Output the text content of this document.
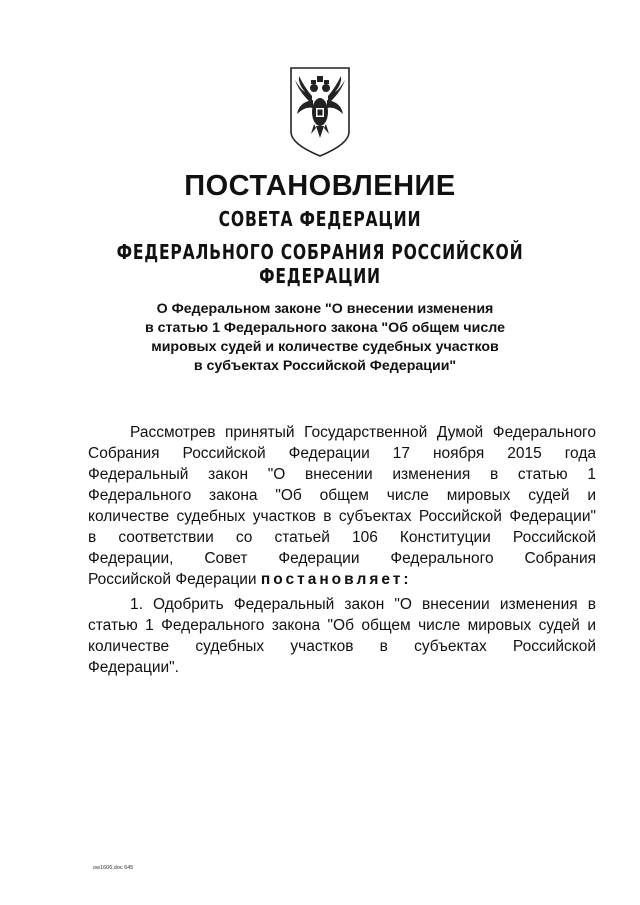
ПОСТАНОВЛЕНИЕ
СОВЕТА ФЕДЕРАЦИИ
ФЕДЕРАЛЬНОГО СОБРАНИЯ РОССИЙСКОЙ ФЕДЕРАЦИИ
О Федеральном законе "О внесении изменения
в статью 1 Федерального закона "Об общем числе
мировых судей и количестве судебных участков
в субъектах Российской Федерации"
Рассмотрев принятый Государственной Думой Федерального
Собрания Российской Федерации 17 ноября 2015 года
Федеральный закон "О внесении изменения в статью 1
Федерального закона "Об общем числе мировых судей и
количестве судебных участков в субъектах Российской Федерации"
в соответствии со статьей 106 Конституции Российской
Федерации, Совет Федерации Федерального Собрания
Российской Федерации постановляет:
1. Одобрить Федеральный закон "О внесении изменения в
статью 1 Федерального закона "Об общем числе мировых судей и
количестве судебных участков в субъектах Российской
Федерации".
ow1606.doc 645
